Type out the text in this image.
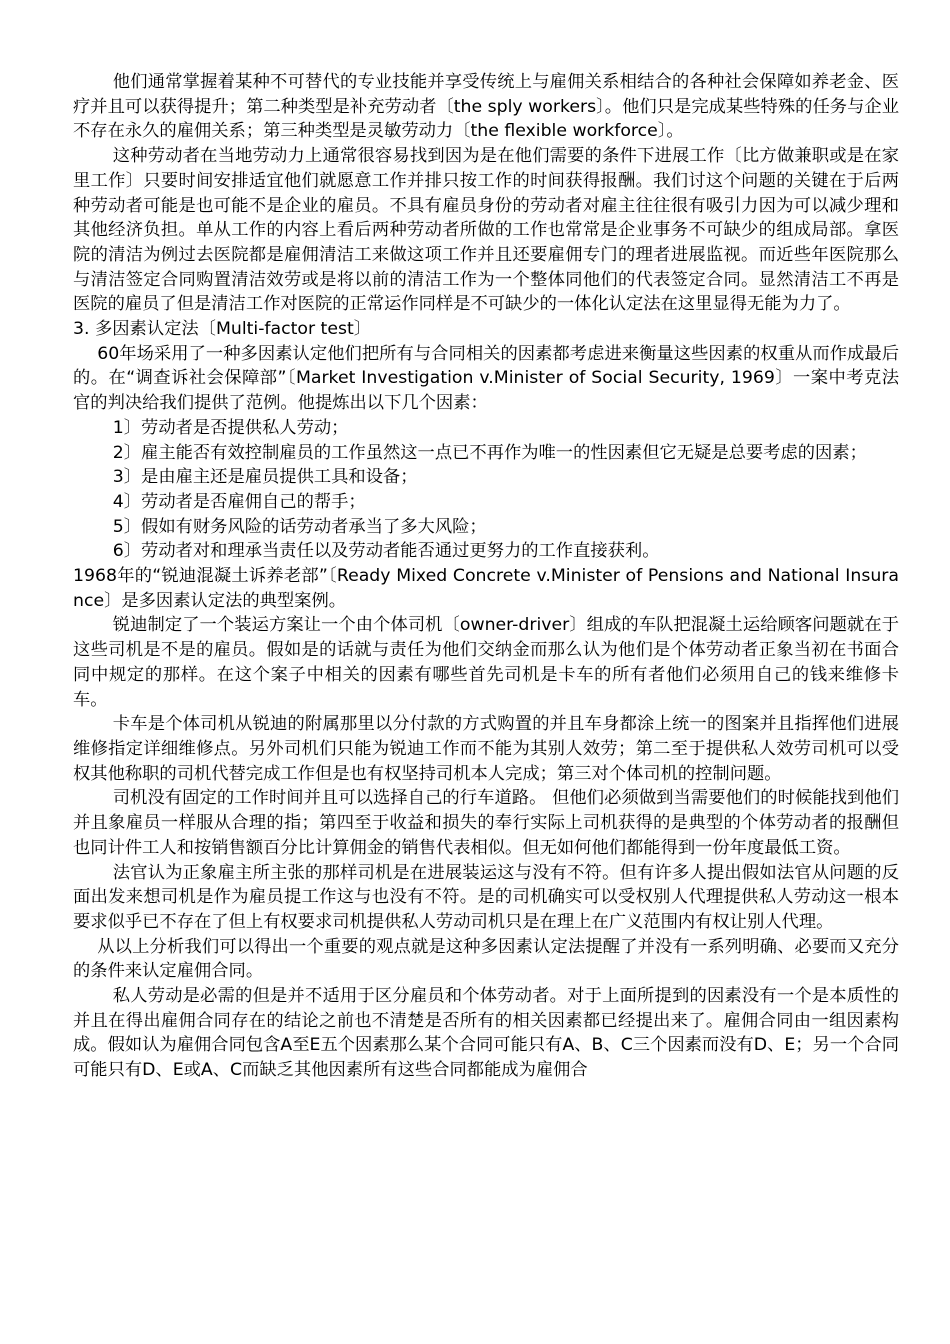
他们通常掌握着某种不可替代的专业技能并享受传统上与雇佣关系相结合的各种社会保障如养老金、医疗并且可以获得提升；第二种类型是补充劳动者〔the sply workers〕。他们只是完成某些特殊的任务与企业不存在永久的雇佣关系；第三种类型是灵敏劳动力〔the flexible workforce〕。

这种劳动者在当地劳动力上通常很容易找到因为是在他们需要的条件下进展工作〔比方做兼职或是在家里工作〕只要时间安排适宜他们就愿意工作并排只按工作的时间获得报酬。我们讨这个问题的关键在于后两种劳动者可能是也可能不是企业的雇员。不具有雇员身份的劳动者对雇主往往很有吸引力因为可以减少理和其他经济负担。单从工作的内容上看后两种劳动者所做的工作也常常是企业事务不可缺少的组成局部。拿医院的清洁为例过去医院都是雇佣清洁工来做这项工作并且还要雇佣专门的理者进展监视。而近些年医院那么与清洁签定合同购置清洁效劳或是将以前的清洁工作为一个整体同他们的代表签定合同。显然清洁工不再是医院的雇员了但是清洁工作对医院的正常运作同样是不可缺少的一体化认定法在这里显得无能为力了。

3. 多因素认定法〔Multi-factor test〕

60年场采用了一种多因素认定他们把所有与合同相关的因素都考虑进来衡量这些因素的权重从而作成最后的。在“调查诉社会保障部”〔Market Investigation v.Minister of Social Security, 1969〕一案中考克法官的判决给我们提供了范例。他提炼出以下几个因素：

1〕劳动者是否提供私人劳动；

2〕雇主能否有效控制雇员的工作虽然这一点已不再作为唯一的性因素但它无疑是总要考虑的因素；

3〕是由雇主还是雇员提供工具和设备；

4〕劳动者是否雇佣自己的帮手；

5〕假如有财务风险的话劳动者承当了多大风险；

6〕劳动者对和理承当责任以及劳动者能否通过更努力的工作直接获利。

1968年的“锐迪混凝土诉养老部”〔Ready Mixed Concrete v.Minister of Pensions and National Insurance〕是多因素认定法的典型案例。

锐迪制定了一个装运方案让一个由个体司机〔owner-driver〕组成的车队把混凝土运给顾客问题就在于这些司机是不是的雇员。假如是的话就与责任为他们交纳金而那么认为他们是个体劳动者正象当初在书面合同中规定的那样。在这个案子中相关的因素有哪些首先司机是卡车的所有者他们必须用自己的钱来维修卡车。

卡车是个体司机从锐迪的附属那里以分付款的方式购置的并且车身都涂上统一的图案并且指挥他们进展维修指定详细维修点。另外司机们只能为锐迪工作而不能为其别人效劳；第二至于提供私人效劳司机可以受权其他称职的司机代替完成工作但是也有权坚持司机本人完成；第三对个体司机的控制问题。

司机没有固定的工作时间并且可以选择自己的行车道路。 但他们必须做到当需要他们的时候能找到他们并且象雇员一样服从合理的指；第四至于收益和损失的奉行实际上司机获得的是典型的个体劳动者的报酬但也同计件工人和按销售额百分比计算佣金的销售代表相似。但无如何他们都能得到一份年度最低工资。

法官认为正象雇主所主张的那样司机是在进展装运这与没有不符。但有许多人提出假如法官从问题的反面出发来想司机是作为雇员提工作这与也没有不符。是的司机确实可以受权别人代理提供私人劳动这一根本要求似乎已不存在了但上有权要求司机提供私人劳动司机只是在理上在广义范围内有权让别人代理。

从以上分析我们可以得出一个重要的观点就是这种多因素认定法提醒了并没有一系列明确、必要而又充分的条件来认定雇佣合同。

私人劳动是必需的但是并不适用于区分雇员和个体劳动者。对于上面所提到的因素没有一个是本质性的并且在得出雇佣合同存在的结论之前也不清楚是否所有的相关因素都已经提出来了。雇佣合同由一组因素构成。假如认为雇佣合同包含A至E五个因素那么某个合同可能只有A、B、C三个因素而没有D、E；另一个合同可能只有D、E或A、C而缺乏其他因素所有这些合同都能成为雇佣合
